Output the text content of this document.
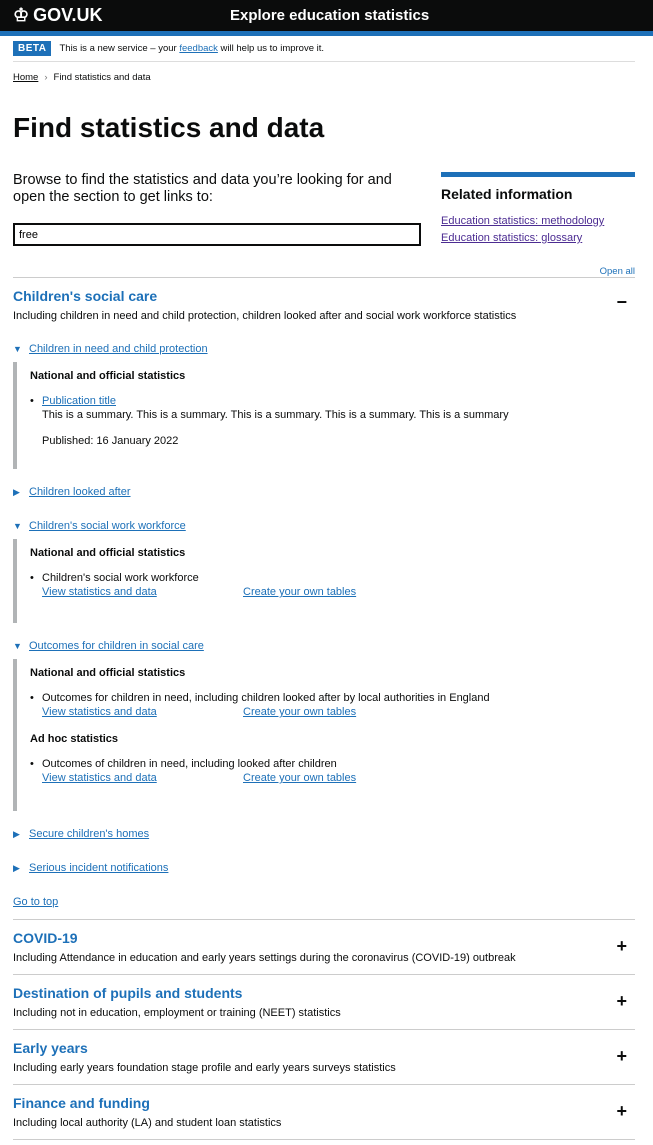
♔ GOV.UK	Explore education statistics
BETA	This is a new service – your feedback will help us to improve it.
Home › Find statistics and data
Find statistics and data

Browse to find the statistics and data you’re looking for and open the section to get links to:

free	Related information
Education statistics: methodology
Education statistics: glossary
Open all
Children's social care	−

Including children in need and child protection, children looked after and social work workforce statistics

▼ Children in need and child protection
National and official statistics
• Publication title

This is a summary. This is a summary. This is a summary. This is a summary. This is a summary

Published: 16 January 2022

▶ Children looked after
▼ Children's social work workforce
National and official statistics
• Children's social work workforce

View statistics and data	Create your own tables
▼ Outcomes for children in social care
National and official statistics
• Outcomes for children in need, including children looked after by local authorities in England

View statistics and data	Create your own tables
Ad hoc statistics
• Outcomes of children in need, including looked after children

View statistics and data	Create your own tables
▶ Secure children's homes
▶ Serious incident notifications
Go to top
COVID-19	+

Including Attendance in education and early years settings during the coronavirus (COVID-19) outbreak

Destination of pupils and students	+

Including not in education, employment or training (NEET) statistics

Early years	+

Including early years foundation stage profile and early years surveys statistics

Finance and funding	+

Including local authority (LA) and student loan statistics
